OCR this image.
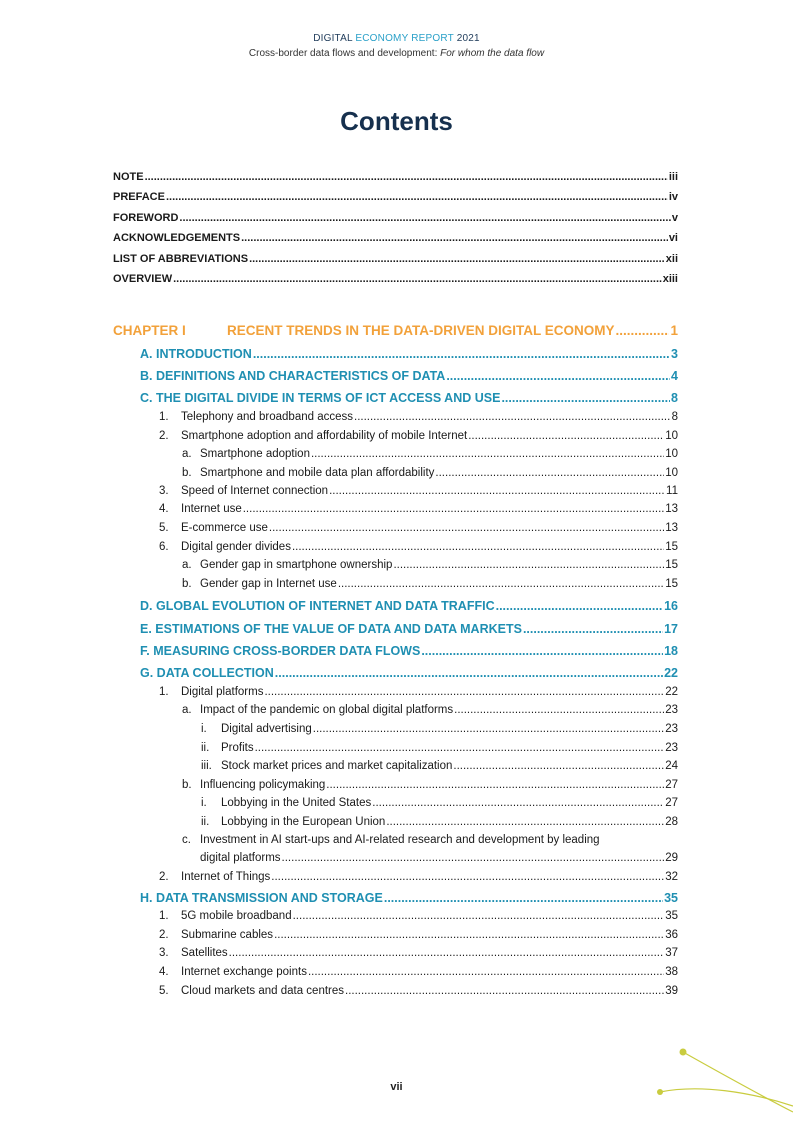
DIGITAL ECONOMY REPORT 2021
Cross-border data flows and development: For whom the data flow
Contents
NOTE .....	iii
PREFACE .....	iv
FOREWORD .....	v
ACKNOWLEDGEMENTS .....	vi
LIST OF ABBREVIATIONS .....	xii
OVERVIEW .....	xiii
CHAPTER I	RECENT TRENDS IN THE DATA-DRIVEN DIGITAL ECONOMY .....	1
A. INTRODUCTION .....	3
B. DEFINITIONS AND CHARACTERISTICS OF DATA .....	4
C. THE DIGITAL DIVIDE IN TERMS OF ICT ACCESS AND USE .....	8
1.	Telephony and broadband access .....	8
2.	Smartphone adoption and affordability of mobile Internet .....	10
a. Smartphone adoption .....	10
b. Smartphone and mobile data plan affordability .....	10
3.	Speed of Internet connection .....	11
4.	Internet use .....	13
5.	E-commerce use .....	13
6.	Digital gender divides .....	15
a. Gender gap in smartphone ownership .....	15
b. Gender gap in Internet use .....	15
D. GLOBAL EVOLUTION OF INTERNET AND DATA TRAFFIC .....	16
E. ESTIMATIONS OF THE VALUE OF DATA AND DATA MARKETS .....	17
F. MEASURING CROSS-BORDER DATA FLOWS .....	18
G. DATA COLLECTION .....	22
1.	Digital platforms .....	22
a. Impact of the pandemic on global digital platforms .....	23
i.	Digital advertising .....	23
ii.	Profits .....	23
iii. Stock market prices and market capitalization .....	24
b. Influencing policymaking .....	27
i.	Lobbying in the United States .....	27
ii.	Lobbying in the European Union .....	28
c. Investment in AI start-ups and AI-related research and development by leading
digital platforms .....	29
2.	Internet of Things .....	32
H. DATA TRANSMISSION AND STORAGE .....	35
1.	5G mobile broadband .....	35
2.	Submarine cables .....	36
3.	Satellites .....	37
4.	Internet exchange points .....	38
5.	Cloud markets and data centres .....	39
vii
